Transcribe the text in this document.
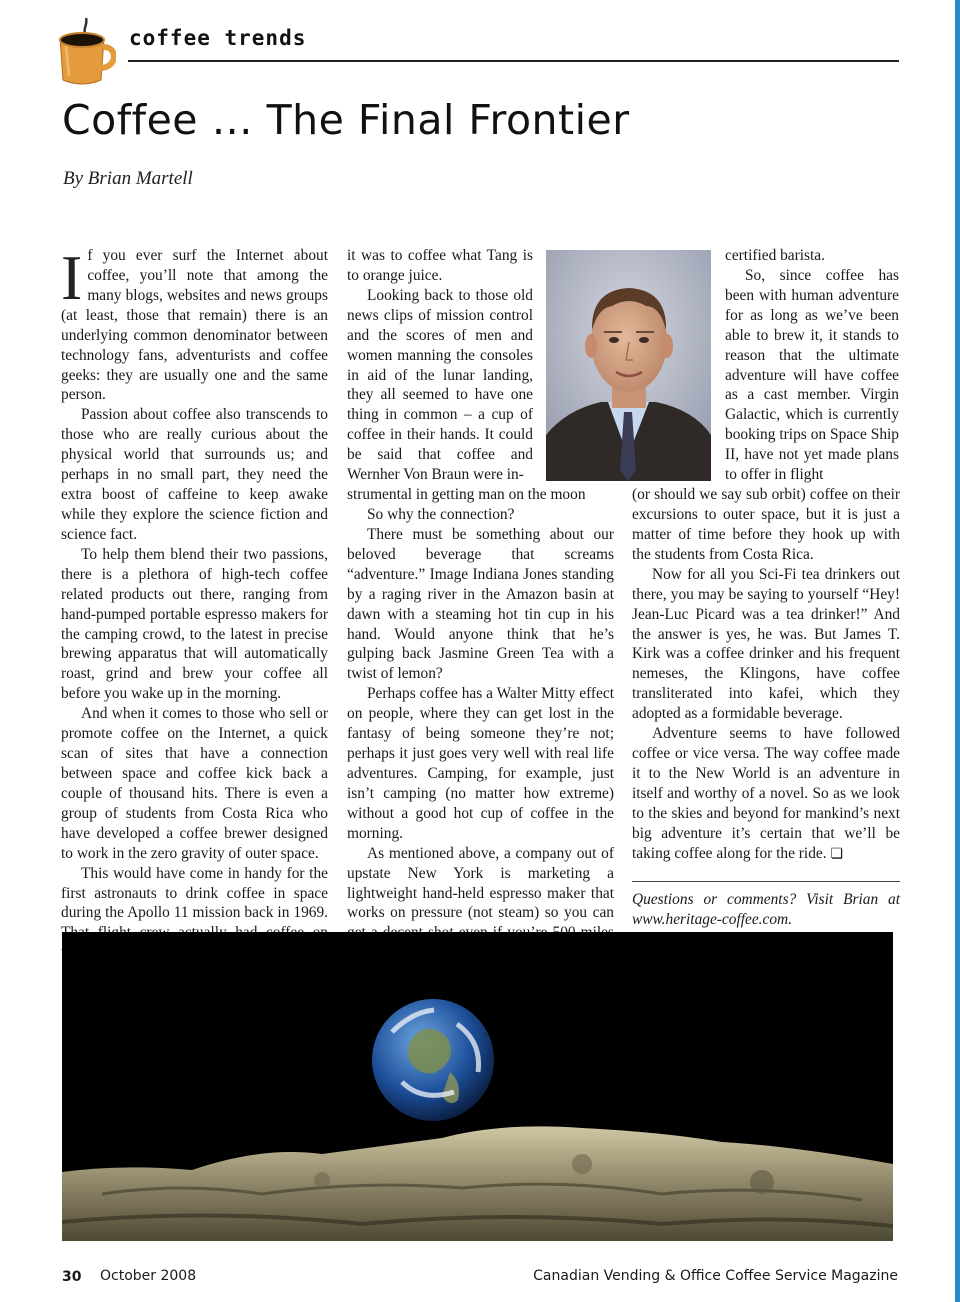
coffee trends
Coffee … The Final Frontier
By Brian Martell

If you ever surf the Internet about coffee, you’ll note that among the many blogs, websites and news groups (at least, those that remain) there is an underlying common denominator between technology fans, adventurists and coffee geeks: they are usually one and the same person.

Passion about coffee also transcends to those who are really curious about the physical world that surrounds us; and perhaps in no small part, they need the extra boost of caffeine to keep awake while they explore the science fiction and science fact.

To help them blend their two passions, there is a plethora of high-tech coffee related products out there, ranging from hand-pumped portable espresso makers for the camping crowd, to the latest in precise brewing apparatus that will automatically roast, grind and brew your coffee all before you wake up in the morning.

And when it comes to those who sell or promote coffee on the Internet, a quick scan of sites that have a connection between space and coffee kick back a couple of thousand hits. There is even a group of students from Costa Rica who have developed a coffee brewer designed to work in the zero gravity of outer space.

This would have come in handy for the first astronauts to drink coffee in space during the Apollo 11 mission back in 1969.

it was to coffee what Tang is to orange juice.

Looking back to those old news clips of mission control and the scores of men and women manning the consoles in aid of the lunar landing, they all seemed to have one thing in common – a cup of coffee in their hands. It could be said that coffee and Wernher Von Braun were in-

strumental in getting man on the moon

So why the connection?

There must be something about our beloved beverage that screams “adventure.” Image Indiana Jones standing by a raging river in the Amazon basin at dawn with a steaming hot tin cup in his hand. Would anyone think that he’s gulping back Jasmine Green Tea with a twist of lemon?

Perhaps coffee has a Walter Mitty effect on people, where they can get lost in the fantasy of being someone they’re not; perhaps it just goes very well with real life adventures. Camping, for example, just isn’t camping (no matter how extreme) without a good hot cup of coffee in the morning.

As mentioned above, a company out of upstate New York is marketing a lightweight hand-held espresso maker that works on pressure (not steam) so you can

certified barista.

So, since coffee has been with human adventure for as long as we’ve been able to brew it, it stands to reason that the ultimate adventure will have coffee as a cast member. Virgin Galactic, which is currently booking trips on Space Ship II, have not yet made plans to offer in flight

(or should we say sub orbit) coffee on their excursions to outer space, but it is just a matter of time before they hook up with the students from Costa Rica.

Now for all you Sci-Fi tea drinkers out there, you may be saying to yourself “Hey! Jean-Luc Picard was a tea drinker!” And the answer is yes, he was. But James T. Kirk was a coffee drinker and his frequent nemeses, the Klingons, have coffee transliterated into kafei, which they adopted as a formidable beverage.

Adventure seems to have followed coffee or vice versa. The way coffee made it to the New World is an adventure in itself and worthy of a novel. So as we look to the skies and beyond for mankind’s next big adventure it’s certain that we’ll be taking coffee along for the ride. ❏

Questions or comments? Visit Brian at www.heritage-coffee.com.

30 October 2008	Canadian Vending & Office Coffee Service Magazine
